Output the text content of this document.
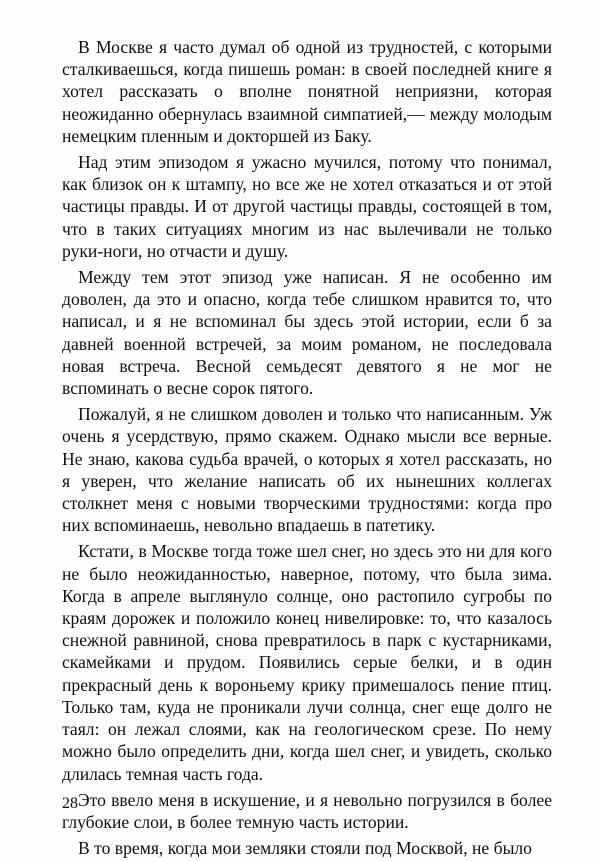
В Москве я часто думал об одной из трудностей, с которыми сталкиваешься, когда пишешь роман: в своей последней книге я хотел рассказать о вполне понятной неприязни, которая неожиданно обернулась взаимной симпатией,— между молодым немецким пленным и докторшей из Баку.

Над этим эпизодом я ужасно мучился, потому что понимал, как близок он к штампу, но все же не хотел отказаться и от этой частицы правды. И от другой частицы правды, состоящей в том, что в таких ситуациях многим из нас вылечивали не только руки-ноги, но отчасти и душу.

Между тем этот эпизод уже написан. Я не особенно им доволен, да это и опасно, когда тебе слишком нравится то, что написал, и я не вспоминал бы здесь этой истории, если б за давней военной встречей, за моим романом, не последовала новая встреча. Весной семьдесят девятого я не мог не вспоминать о весне сорок пятого.

Пожалуй, я не слишком доволен и только что написанным. Уж очень я усердствую, прямо скажем. Однако мысли все верные. Не знаю, какова судьба врачей, о которых я хотел рассказать, но я уверен, что желание написать об их нынешних коллегах столкнет меня с новыми творческими трудностями: когда про них вспоминаешь, невольно впадаешь в патетику.

Кстати, в Москве тогда тоже шел снег, но здесь это ни для кого не было неожиданностью, наверное, потому, что была зима. Когда в апреле выглянуло солнце, оно растопило сугробы по краям дорожек и положило конец нивелировке: то, что казалось снежной равниной, снова превратилось в парк с кустарниками, скамейками и прудом. Появились серые белки, и в один прекрасный день к вороньему крику примешалось пение птиц. Только там, куда не проникали лучи солнца, снег еще долго не таял: он лежал слоями, как на геологическом срезе. По нему можно было определить дни, когда шел снег, и увидеть, сколько длилась темная часть года.

Это ввело меня в искушение, и я невольно погрузился в более глубокие слои, в более темную часть истории.

В то время, когда мои земляки стояли под Москвой, не было

28
